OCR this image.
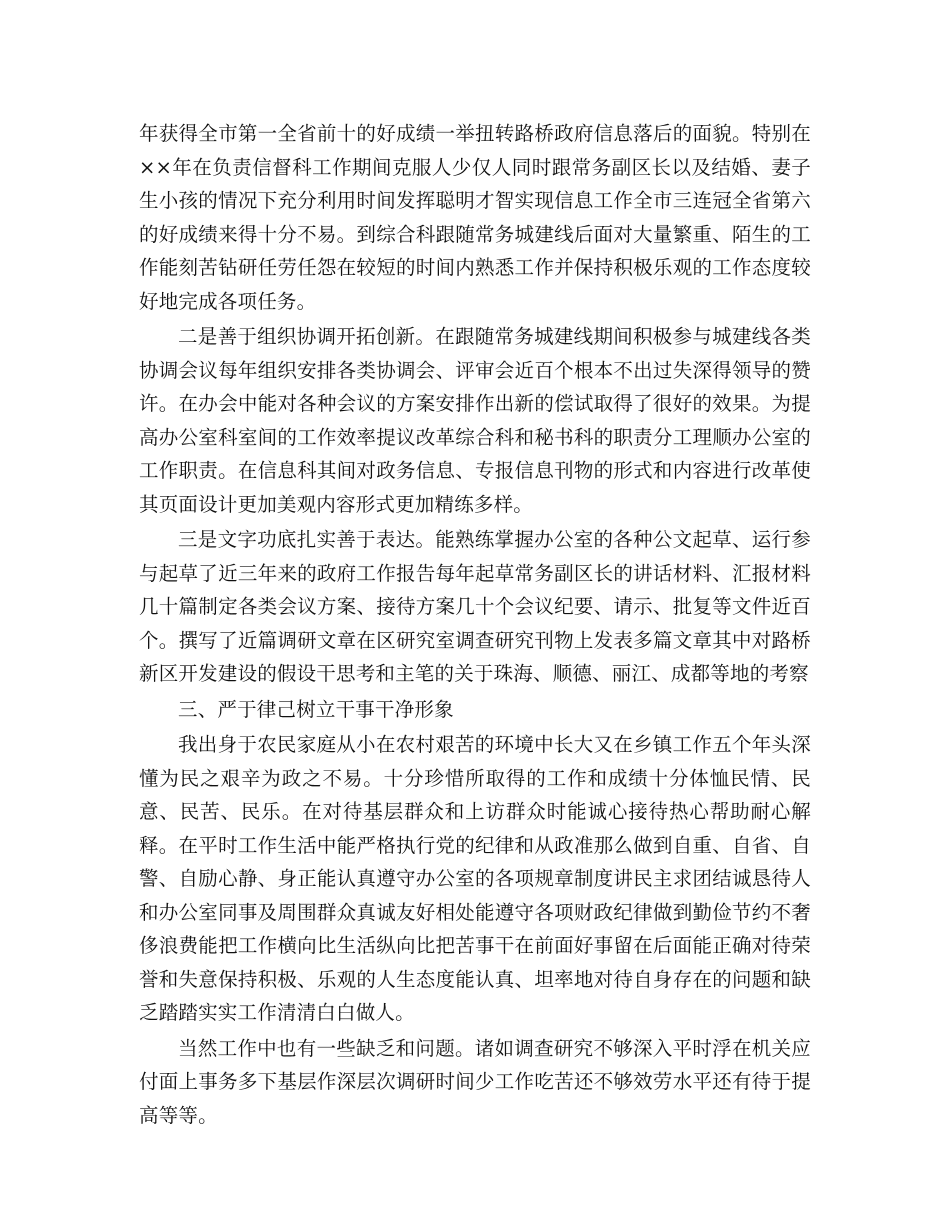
年获得全市第一全省前十的好成绩一举扭转路桥政府信息落后的面貌。特别在××年在负责信督科工作期间克服人少仅人同时跟常务副区长以及结婚、妻子生小孩的情况下充分利用时间发挥聪明才智实现信息工作全市三连冠全省第六的好成绩来得十分不易。到综合科跟随常务城建线后面对大量繁重、陌生的工作能刻苦钻研任劳任怨在较短的时间内熟悉工作并保持积极乐观的工作态度较好地完成各项任务。

二是善于组织协调开拓创新。在跟随常务城建线期间积极参与城建线各类协调会议每年组织安排各类协调会、评审会近百个根本不出过失深得领导的赞许。在办会中能对各种会议的方案安排作出新的偿试取得了很好的效果。为提高办公室科室间的工作效率提议改革综合科和秘书科的职责分工理顺办公室的工作职责。在信息科其间对政务信息、专报信息刊物的形式和内容进行改革使其页面设计更加美观内容形式更加精练多样。

三是文字功底扎实善于表达。能熟练掌握办公室的各种公文起草、运行参与起草了近三年来的政府工作报告每年起草常务副区长的讲话材料、汇报材料几十篇制定各类会议方案、接待方案几十个会议纪要、请示、批复等文件近百个。撰写了近篇调研文章在区研究室调查研究刊物上发表多篇文章其中对路桥新区开发建设的假设干思考和主笔的关于珠海、顺德、丽江、成都等地的考察

三、严于律己树立干事干净形象

我出身于农民家庭从小在农村艰苦的环境中长大又在乡镇工作五个年头深懂为民之艰辛为政之不易。十分珍惜所取得的工作和成绩十分体恤民情、民意、民苦、民乐。在对待基层群众和上访群众时能诚心接待热心帮助耐心解释。在平时工作生活中能严格执行党的纪律和从政准那么做到自重、自省、自警、自励心静、身正能认真遵守办公室的各项规章制度讲民主求团结诚恳待人和办公室同事及周围群众真诚友好相处能遵守各项财政纪律做到勤俭节约不奢侈浪费能把工作横向比生活纵向比把苦事干在前面好事留在后面能正确对待荣誉和失意保持积极、乐观的人生态度能认真、坦率地对待自身存在的问题和缺乏踏踏实实工作清清白白做人。

当然工作中也有一些缺乏和问题。诸如调查研究不够深入平时浮在机关应付面上事务多下基层作深层次调研时间少工作吃苦还不够效劳水平还有待于提高等等。
